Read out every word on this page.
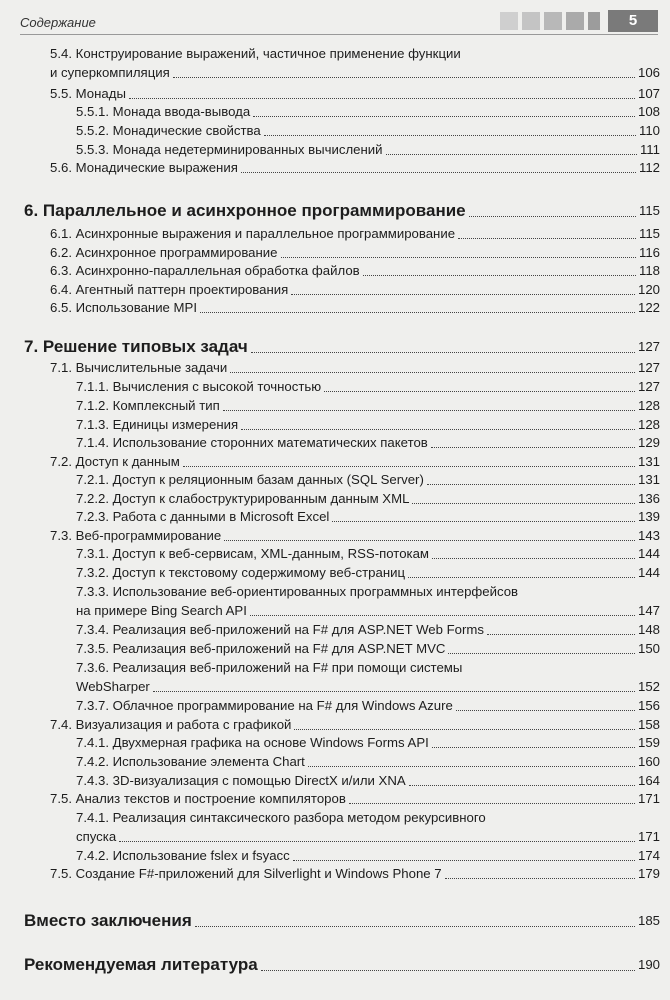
Содержание	5
5.4. Конструирование выражений, частичное применение функции
и суперкомпиляция	106
5.5. Монады	107
5.5.1. Монада ввода-вывода	108
5.5.2. Монадические свойства	110
5.5.3. Монада недетерминированных вычислений	111
5.6. Монадические выражения	112
6. Параллельное и асинхронное программирование	115
6.1. Асинхронные выражения и параллельное программирование	115
6.2. Асинхронное программирование	116
6.3. Асинхронно-параллельная обработка файлов	118
6.4. Агентный паттерн проектирования	120
6.5. Использование MPI	122
7. Решение типовых задач	127
7.1. Вычислительные задачи	127
7.1.1. Вычисления с высокой точностью	127
7.1.2. Комплексный тип	128
7.1.3. Единицы измерения	128
7.1.4. Использование сторонних математических пакетов	129
7.2. Доступ к данным	131
7.2.1. Доступ к реляционным базам данных (SQL Server)	131
7.2.2. Доступ к слабоструктурированным данным XML	136
7.2.3. Работа с данными в Microsoft Excel	139
7.3. Веб-программирование	143
7.3.1. Доступ к веб-сервисам, XML-данным, RSS-потокам	144
7.3.2. Доступ к текстовому содержимому веб-страниц	144
7.3.3. Использование веб-ориентированных программных интерфейсов
на примере Bing Search API	147
7.3.4. Реализация веб-приложений на F# для ASP.NET Web Forms	148
7.3.5. Реализация веб-приложений на F# для ASP.NET MVC	150
7.3.6. Реализация веб-приложений на F# при помощи системы
WebSharper	152
7.3.7. Облачное программирование на F# для Windows Azure	156
7.4. Визуализация и работа с графикой	158
7.4.1. Двухмерная графика на основе Windows Forms API	159
7.4.2. Использование элемента Chart	160
7.4.3. 3D-визуализация с помощью DirectX и/или XNA	164
7.5. Анализ текстов и построение компиляторов	171
7.4.1. Реализация синтаксического разбора методом рекурсивного
спуска	171
7.4.2. Использование fslex и fsyacc	174
7.5. Создание F#-приложений для Silverlight и Windows Phone 7	179
Вместо заключения	185
Рекомендуемая литература	190
